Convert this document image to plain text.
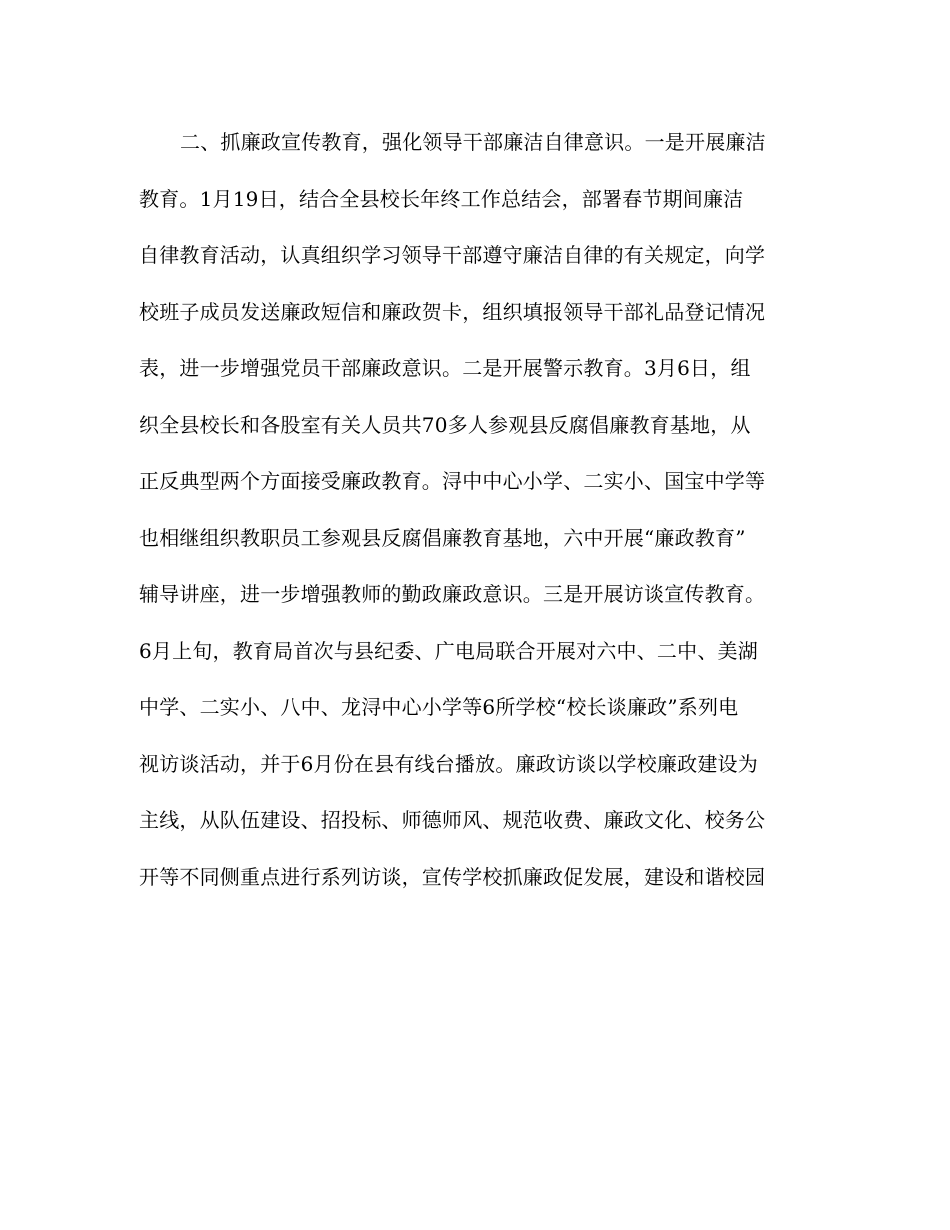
二、抓廉政宣传教育，强化领导干部廉洁自律意识。一是开展廉洁
教育。1月19日，结合全县校长年终工作总结会，部署春节期间廉洁
自律教育活动，认真组织学习领导干部遵守廉洁自律的有关规定，向学
校班子成员发送廉政短信和廉政贺卡，组织填报领导干部礼品登记情况
表，进一步增强党员干部廉政意识。二是开展警示教育。3月6日，组
织全县校长和各股室有关人员共70多人参观县反腐倡廉教育基地，从
正反典型两个方面接受廉政教育。浔中中心小学、二实小、国宝中学等
也相继组织教职员工参观县反腐倡廉教育基地，六中开展“廉政教育”
辅导讲座，进一步增强教师的勤政廉政意识。三是开展访谈宣传教育。
6月上旬，教育局首次与县纪委、广电局联合开展对六中、二中、美湖
中学、二实小、八中、龙浔中心小学等6所学校“校长谈廉政”系列电
视访谈活动，并于6月份在县有线台播放。廉政访谈以学校廉政建设为
主线，从队伍建设、招投标、师德师风、规范收费、廉政文化、校务公
开等不同侧重点进行系列访谈，宣传学校抓廉政促发展，建设和谐校园
